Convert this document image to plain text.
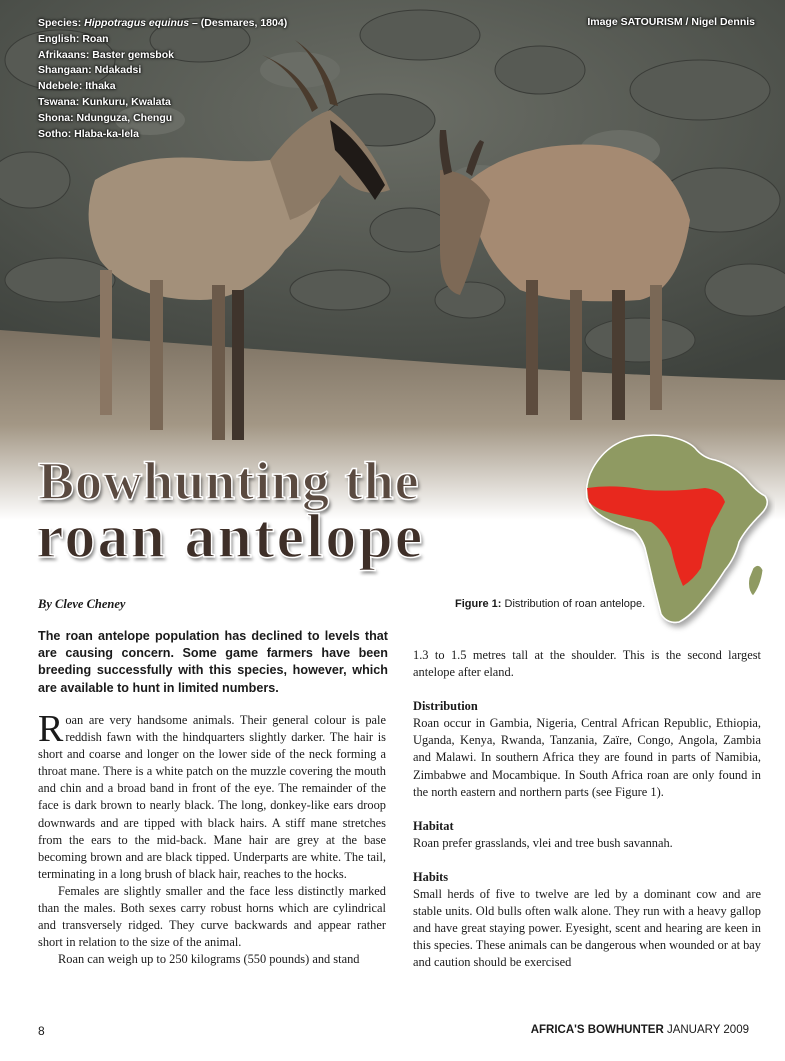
Species: Hippotragus equinus – (Desmares, 1804)
English: Roan
Afrikaans: Baster gemsbok
Shangaan: Ndakadsi
Ndebele: Ithaka
Tswana: Kunkuru, Kwalata
Shona: Ndunguza, Chengu
Sotho: Hlaba-ka-lela
Image SATOURISM / Nigel Dennis
Bowhunting the
roan antelope
By Cleve Cheney	Figure 1: Distribution of roan antelope.
The roan antelope population has declined to levels that are causing concern. Some game farmers have been breeding successfully with this species, however, which are available to hunt in limited numbers.

Roan are very handsome animals. Their general colour is pale reddish fawn with the hindquarters slightly darker. The hair is short and coarse and longer on the lower side of the neck forming a throat mane. There is a white patch on the muzzle covering the mouth and chin and a broad band in front of the eye. The remainder of the face is dark brown to nearly black. The long, donkey-like ears droop downwards and are tipped with black hairs. A stiff mane stretches from the ears to the mid-back. Mane hair are grey at the base becoming brown and are black tipped. Underparts are white. The tail, terminating in a long brush of black hair, reaches to the hocks.

Females are slightly smaller and the face less distinctly marked than the males. Both sexes carry robust horns which are cylindrical and transversely ridged. They curve backwards and appear rather short in relation to the size of the animal.

Roan can weigh up to 250 kilograms (550 pounds) and stand

1.3 to 1.5 metres tall at the shoulder. This is the second largest antelope after eland.

Distribution

Roan occur in Gambia, Nigeria, Central African Republic, Ethiopia, Uganda, Kenya, Rwanda, Tanzania, Zaïre, Congo, Angola, Zambia and Malawi. In southern Africa they are found in parts of Namibia, Zimbabwe and Mocambique. In South Africa roan are only found in the north eastern and northern parts (see Figure 1).

Habitat

Roan prefer grasslands, vlei and tree bush savannah.

Habits

Small herds of five to twelve are led by a dominant cow and are stable units. Old bulls often walk alone. They run with a heavy gallop and have great staying power. Eyesight, scent and hearing are keen in this species. These animals can be dangerous when wounded or at bay and caution should be exercised

8	AFRICA'S BOWHUNTER JANUARY 2009
